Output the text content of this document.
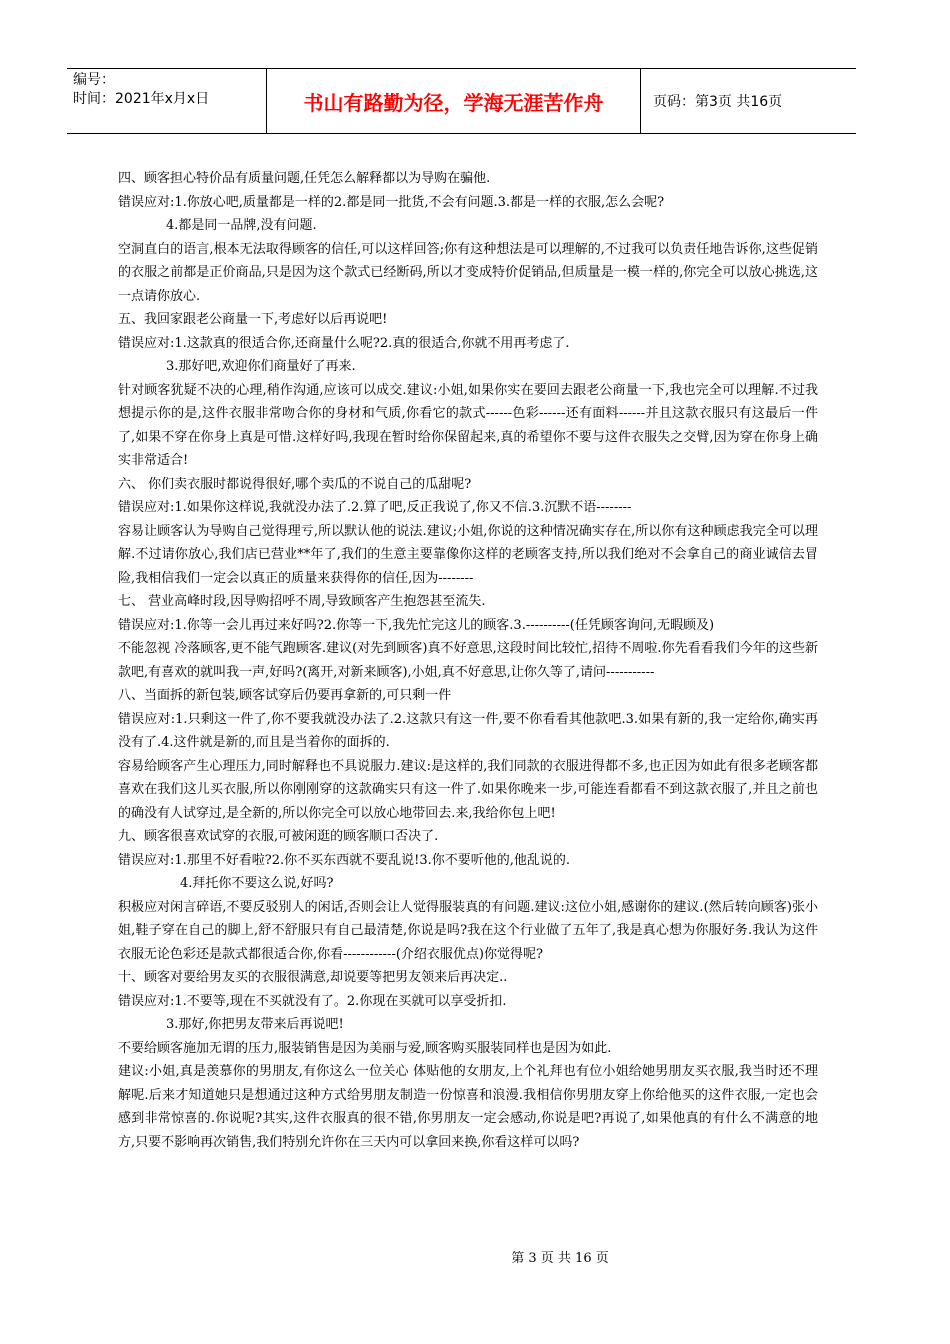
编号：
时间：2021年x月x日	书山有路勤为径，学海无涯苦作舟	页码：第3页 共16页

四、顾客担心特价品有质量问题,任凭怎么解释都以为导购在骗他.

错误应对:1.你放心吧,质量都是一样的2.都是同一批货,不会有问题.3.都是一样的衣服,怎么会呢?

4.都是同一品牌,没有问题.

空洞直白的语言,根本无法取得顾客的信任,可以这样回答;你有这种想法是可以理解的,不过我可以负责任地告诉你,这些促销的衣服之前都是正价商品,只是因为这个款式已经断码,所以才变成特价促销品,但质量是一模一样的,你完全可以放心挑选,这一点请你放心.

五、我回家跟老公商量一下,考虑好以后再说吧!

错误应对:1.这款真的很适合你,还商量什么呢?2.真的很适合,你就不用再考虑了.

3.那好吧,欢迎你们商量好了再来.

针对顾客犹疑不决的心理,稍作沟通,应该可以成交.建议:小姐,如果你实在要回去跟老公商量一下,我也完全可以理解.不过我想提示你的是,这件衣服非常吻合你的身材和气质,你看它的款式------色彩------还有面料------并且这款衣服只有这最后一件了,如果不穿在你身上真是可惜.这样好吗,我现在暂时给你保留起来,真的希望你不要与这件衣服失之交臂,因为穿在你身上确实非常适合!

六、 你们卖衣服时都说得很好,哪个卖瓜的不说自己的瓜甜呢?

错误应对:1.如果你这样说,我就没办法了.2.算了吧,反正我说了,你又不信.3.沉默不语--------

容易让顾客认为导购自己觉得理亏,所以默认他的说法.建议;小姐,你说的这种情况确实存在,所以你有这种顾虑我完全可以理解.不过请你放心,我们店已营业**年了,我们的生意主要靠像你这样的老顾客支持,所以我们绝对不会拿自己的商业诚信去冒险,我相信我们一定会以真正的质量来获得你的信任,因为--------

七、 营业高峰时段,因导购招呼不周,导致顾客产生抱怨甚至流失.

错误应对:1.你等一会儿再过来好吗?2.你等一下,我先忙完这儿的顾客.3.----------(任凭顾客询问,无暇顾及)

不能忽视 冷落顾客,更不能气跑顾客.建议(对先到顾客)真不好意思,这段时间比较忙,招待不周啦.你先看看我们今年的这些新款吧,有喜欢的就叫我一声,好吗?(离开,对新来顾客),小姐,真不好意思,让你久等了,请问-----------

八、当面拆的新包装,顾客试穿后仍要再拿新的,可只剩一件

错误应对:1.只剩这一件了,你不要我就没办法了.2.这款只有这一件,要不你看看其他款吧.3.如果有新的,我一定给你,确实再没有了.4.这件就是新的,而且是当着你的面拆的.

容易给顾客产生心理压力,同时解释也不具说服力.建议:是这样的,我们同款的衣服进得都不多,也正因为如此有很多老顾客都喜欢在我们这儿买衣服,所以你刚刚穿的这款确实只有这一件了.如果你晚来一步,可能连看都看不到这款衣服了,并且之前也的确没有人试穿过,是全新的,所以你完全可以放心地带回去.来,我给你包上吧!

九、顾客很喜欢试穿的衣服,可被闲逛的顾客顺口否决了.

错误应对:1.那里不好看啦?2.你不买东西就不要乱说!3.你不要听他的,他乱说的.

4.拜托你不要这么说,好吗?

积极应对闲言碎语,不要反驳别人的闲话,否则会让人觉得服装真的有问题.建议:这位小姐,感谢你的建议.(然后转向顾客)张小姐,鞋子穿在自己的脚上,舒不舒服只有自己最清楚,你说是吗?我在这个行业做了五年了,我是真心想为你服好务.我认为这件衣服无论色彩还是款式都很适合你,你看------------(介绍衣服优点)你觉得呢?

十、顾客对要给男友买的衣服很满意,却说要等把男友领来后再决定..

错误应对:1.不要等,现在不买就没有了。2.你现在买就可以享受折扣.

3.那好,你把男友带来后再说吧!

不要给顾客施加无谓的压力,服装销售是因为美丽与爱,顾客购买服装同样也是因为如此.

建议:小姐,真是羡慕你的男朋友,有你这么一位关心 体贴他的女朋友,上个礼拜也有位小姐给她男朋友买衣服,我当时还不理解呢.后来才知道她只是想通过这种方式给男朋友制造一份惊喜和浪漫.我相信你男朋友穿上你给他买的这件衣服,一定也会感到非常惊喜的.你说呢?其实,这件衣服真的很不错,你男朋友一定会感动,你说是吧?再说了,如果他真的有什么不满意的地方,只要不影响再次销售,我们特别允许你在三天内可以拿回来换,你看这样可以吗?

第 3 页 共 16 页
